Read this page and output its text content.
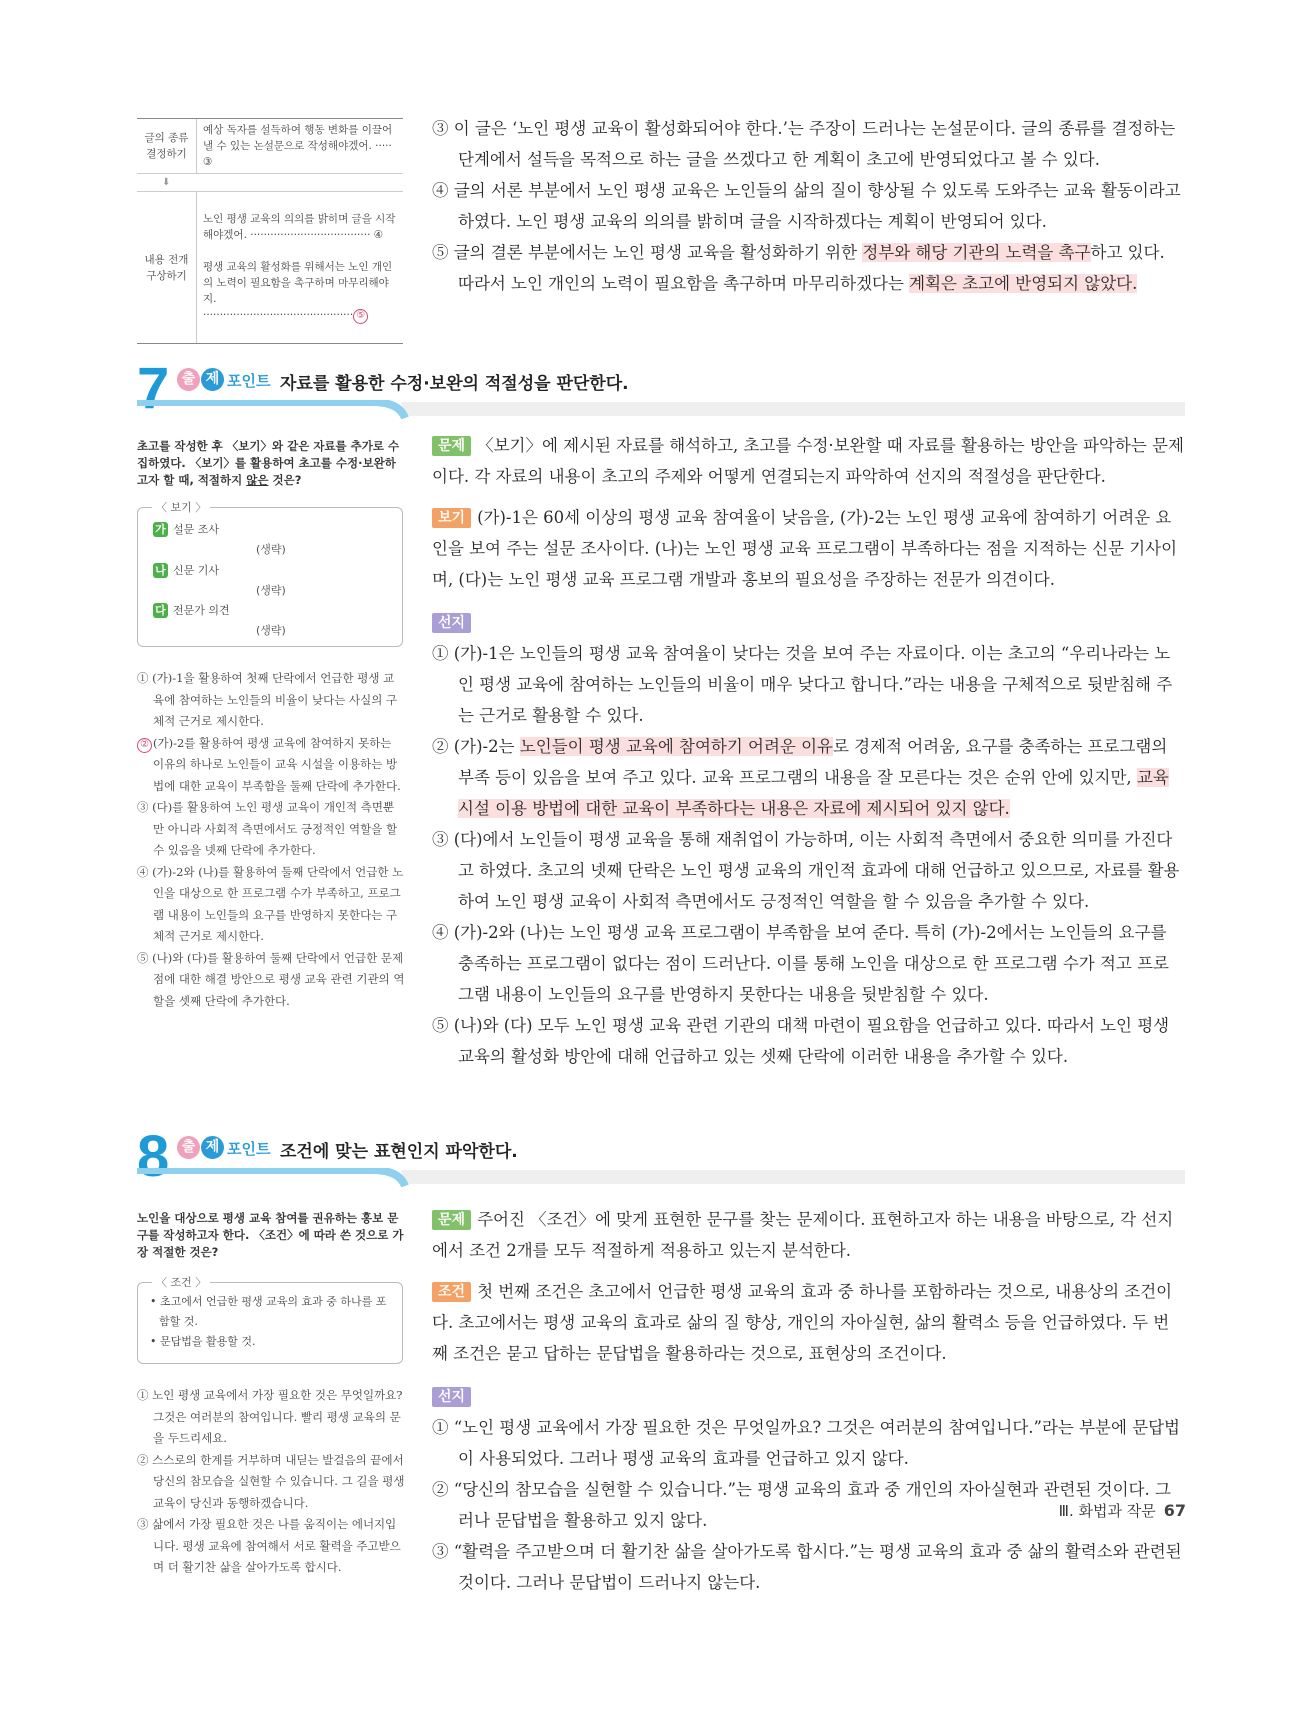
글의 종류
결정하기
예상 독자를 설득하여 행동 변화를 이끌어
낼 수 있는 논설문으로 작성해야겠어. ····· ③
⬇
내용 전개
구상하기

노인 평생 교육의 의의를 밝히며 글을 시작
해야겠어. ···································· ④

평생 교육의 활성화를 위해서는 노인 개인
의 노력이 필요함을 촉구하며 마무리해야지.
············································· ⑤

③ 이 글은 ‘노인 평생 교육이 활성화되어야 한다.’는 주장이 드러나는 논설문이다. 글의 종류를 결정하는 단계에서 설득을 목적으로 하는 글을 쓰겠다고 한 계획이 초고에 반영되었다고 볼 수 있다.
④ 글의 서론 부분에서 노인 평생 교육은 노인들의 삶의 질이 향상될 수 있도록 도와주는 교육 활동이라고 하였다. 노인 평생 교육의 의의를 밝히며 글을 시작하겠다는 계획이 반영되어 있다.
⑤ 글의 결론 부분에서는 노인 평생 교육을 활성화하기 위한 정부와 해당 기관의 노력을 촉구하고 있다. 따라서 노인 개인의 노력이 필요함을 촉구하며 마무리하겠다는 계획은 초고에 반영되지 않았다.
7 출 제 포인트 자료를 활용한 수정·보완의 적절성을 판단한다.
초고를 작성한 후 〈보기〉와 같은 자료를 추가로 수집하였다. 〈보기〉를 활용하여 초고를 수정·보완하고자 할 때, 적절하지 않은 것은?
〈 보기 〉
가 설문 조사
(생략)
나 신문 기사
(생략)
다 전문가 의견
(생략)
① (가)-1을 활용하여 첫째 단락에서 언급한 평생 교육에 참여하는 노인들의 비율이 낮다는 사실의 구체적 근거로 제시한다.
② (가)-2를 활용하여 평생 교육에 참여하지 못하는 이유의 하나로 노인들이 교육 시설을 이용하는 방법에 대한 교육이 부족함을 둘째 단락에 추가한다.
③ (다)를 활용하여 노인 평생 교육이 개인적 측면뿐만 아니라 사회적 측면에서도 긍정적인 역할을 할 수 있음을 넷째 단락에 추가한다.
④ (가)-2와 (나)를 활용하여 둘째 단락에서 언급한 노인을 대상으로 한 프로그램 수가 부족하고, 프로그램 내용이 노인들의 요구를 반영하지 못한다는 구체적 근거로 제시한다.
⑤ (나)와 (다)를 활용하여 둘째 단락에서 언급한 문제점에 대한 해결 방안으로 평생 교육 관련 기관의 역할을 셋째 단락에 추가한다.
문제 〈보기〉에 제시된 자료를 해석하고, 초고를 수정·보완할 때 자료를 활용하는 방안을 파악하는 문제이다. 각 자료의 내용이 초고의 주제와 어떻게 연결되는지 파악하여 선지의 적절성을 판단한다.
보기 (가)-1은 60세 이상의 평생 교육 참여율이 낮음을, (가)-2는 노인 평생 교육에 참여하기 어려운 요인을 보여 주는 설문 조사이다. (나)는 노인 평생 교육 프로그램이 부족하다는 점을 지적하는 신문 기사이며, (다)는 노인 평생 교육 프로그램 개발과 홍보의 필요성을 주장하는 전문가 의견이다.
선지
① (가)-1은 노인들의 평생 교육 참여율이 낮다는 것을 보여 주는 자료이다. 이는 초고의 “우리나라는 노인 평생 교육에 참여하는 노인들의 비율이 매우 낮다고 합니다.”라는 내용을 구체적으로 뒷받침해 주는 근거로 활용할 수 있다.
② (가)-2는 노인들이 평생 교육에 참여하기 어려운 이유로 경제적 어려움, 요구를 충족하는 프로그램의 부족 등이 있음을 보여 주고 있다. 교육 프로그램의 내용을 잘 모른다는 것은 순위 안에 있지만, 교육 시설 이용 방법에 대한 교육이 부족하다는 내용은 자료에 제시되어 있지 않다.
③ (다)에서 노인들이 평생 교육을 통해 재취업이 가능하며, 이는 사회적 측면에서 중요한 의미를 가진다고 하였다. 초고의 넷째 단락은 노인 평생 교육의 개인적 효과에 대해 언급하고 있으므로, 자료를 활용하여 노인 평생 교육이 사회적 측면에서도 긍정적인 역할을 할 수 있음을 추가할 수 있다.
④ (가)-2와 (나)는 노인 평생 교육 프로그램이 부족함을 보여 준다. 특히 (가)-2에서는 노인들의 요구를 충족하는 프로그램이 없다는 점이 드러난다. 이를 통해 노인을 대상으로 한 프로그램 수가 적고 프로그램 내용이 노인들의 요구를 반영하지 못한다는 내용을 뒷받침할 수 있다.
⑤ (나)와 (다) 모두 노인 평생 교육 관련 기관의 대책 마련이 필요함을 언급하고 있다. 따라서 노인 평생 교육의 활성화 방안에 대해 언급하고 있는 셋째 단락에 이러한 내용을 추가할 수 있다.
8 출 제 포인트 조건에 맞는 표현인지 파악한다.
노인을 대상으로 평생 교육 참여를 권유하는 홍보 문구를 작성하고자 한다. 〈조건〉에 따라 쓴 것으로 가장 적절한 것은?
〈 조건 〉
• 초고에서 언급한 평생 교육의 효과 중 하나를 포함할 것.
• 문답법을 활용할 것.
① 노인 평생 교육에서 가장 필요한 것은 무엇일까요? 그것은 여러분의 참여입니다. 빨리 평생 교육의 문을 두드리세요.
② 스스로의 한계를 거부하며 내딛는 발걸음의 끝에서 당신의 참모습을 실현할 수 있습니다. 그 길을 평생 교육이 당신과 동행하겠습니다.
③ 삶에서 가장 필요한 것은 나를 움직이는 에너지입니다. 평생 교육에 참여해서 서로 활력을 주고받으며 더 활기찬 삶을 살아가도록 합시다.
문제 주어진 〈조건〉에 맞게 표현한 문구를 찾는 문제이다. 표현하고자 하는 내용을 바탕으로, 각 선지에서 조건 2개를 모두 적절하게 적용하고 있는지 분석한다.
조건 첫 번째 조건은 초고에서 언급한 평생 교육의 효과 중 하나를 포함하라는 것으로, 내용상의 조건이다. 초고에서는 평생 교육의 효과로 삶의 질 향상, 개인의 자아실현, 삶의 활력소 등을 언급하였다. 두 번째 조건은 묻고 답하는 문답법을 활용하라는 것으로, 표현상의 조건이다.
선지
① “노인 평생 교육에서 가장 필요한 것은 무엇일까요? 그것은 여러분의 참여입니다.”라는 부분에 문답법이 사용되었다. 그러나 평생 교육의 효과를 언급하고 있지 않다.
② “당신의 참모습을 실현할 수 있습니다.”는 평생 교육의 효과 중 개인의 자아실현과 관련된 것이다. 그러나 문답법을 활용하고 있지 않다.
③ “활력을 주고받으며 더 활기찬 삶을 살아가도록 합시다.”는 평생 교육의 효과 중 삶의 활력소와 관련된 것이다. 그러나 문답법이 드러나지 않는다.
Ⅲ. 화법과 작문 67
